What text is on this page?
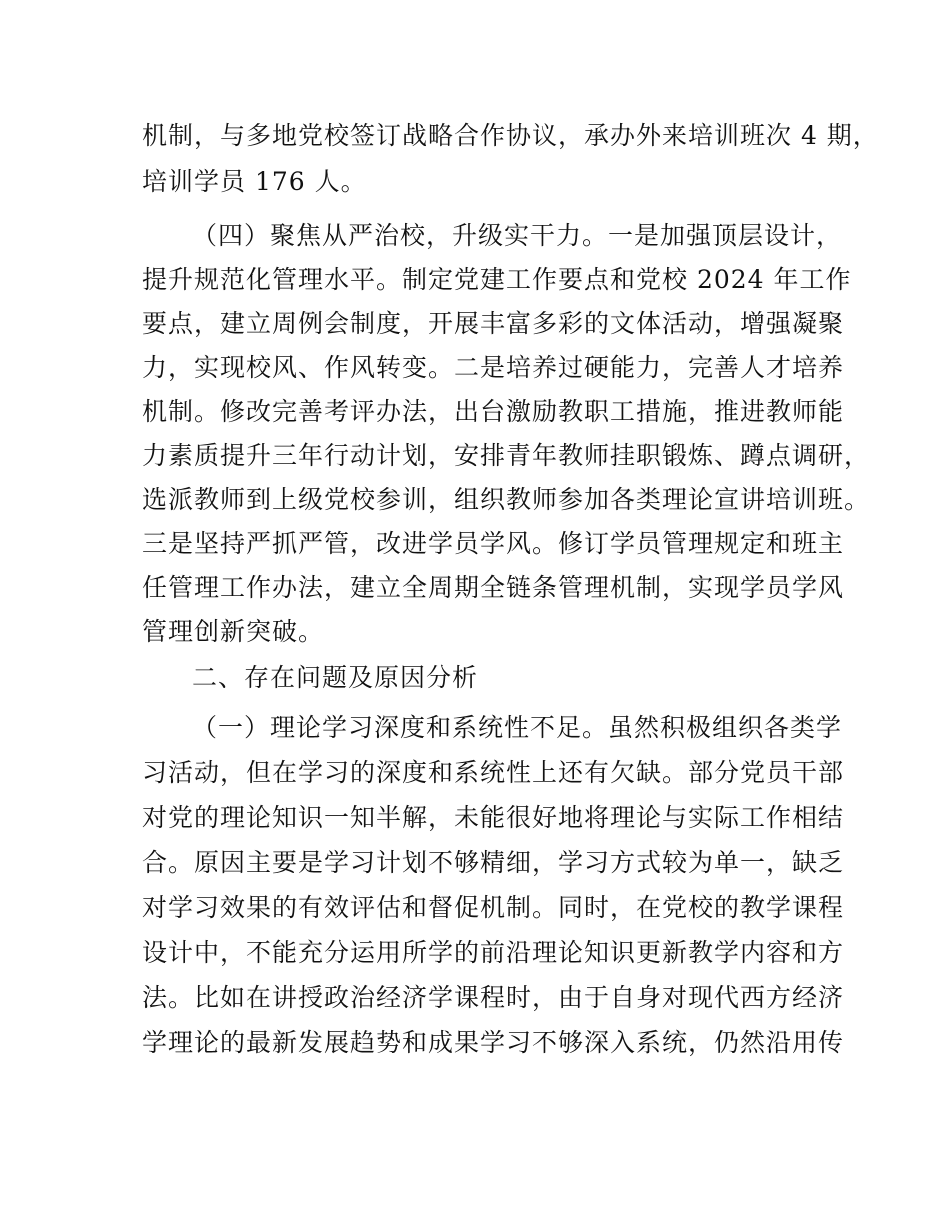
机制，与多地党校签订战略合作协议，承办外来培训班次 4 期，
培训学员 176 人。
（四）聚焦从严治校，升级实干力。一是加强顶层设计，
提升规范化管理水平。制定党建工作要点和党校 2024 年工作
要点，建立周例会制度，开展丰富多彩的文体活动，增强凝聚
力，实现校风、作风转变。二是培养过硬能力，完善人才培养
机制。修改完善考评办法，出台激励教职工措施，推进教师能
力素质提升三年行动计划，安排青年教师挂职锻炼、蹲点调研，
选派教师到上级党校参训，组织教师参加各类理论宣讲培训班。
三是坚持严抓严管，改进学员学风。修订学员管理规定和班主
任管理工作办法，建立全周期全链条管理机制，实现学员学风
管理创新突破。
二、存在问题及原因分析
（一）理论学习深度和系统性不足。虽然积极组织各类学
习活动，但在学习的深度和系统性上还有欠缺。部分党员干部
对党的理论知识一知半解，未能很好地将理论与实际工作相结
合。原因主要是学习计划不够精细，学习方式较为单一，缺乏
对学习效果的有效评估和督促机制。同时，在党校的教学课程
设计中，不能充分运用所学的前沿理论知识更新教学内容和方
法。比如在讲授政治经济学课程时，由于自身对现代西方经济
学理论的最新发展趋势和成果学习不够深入系统，仍然沿用传
